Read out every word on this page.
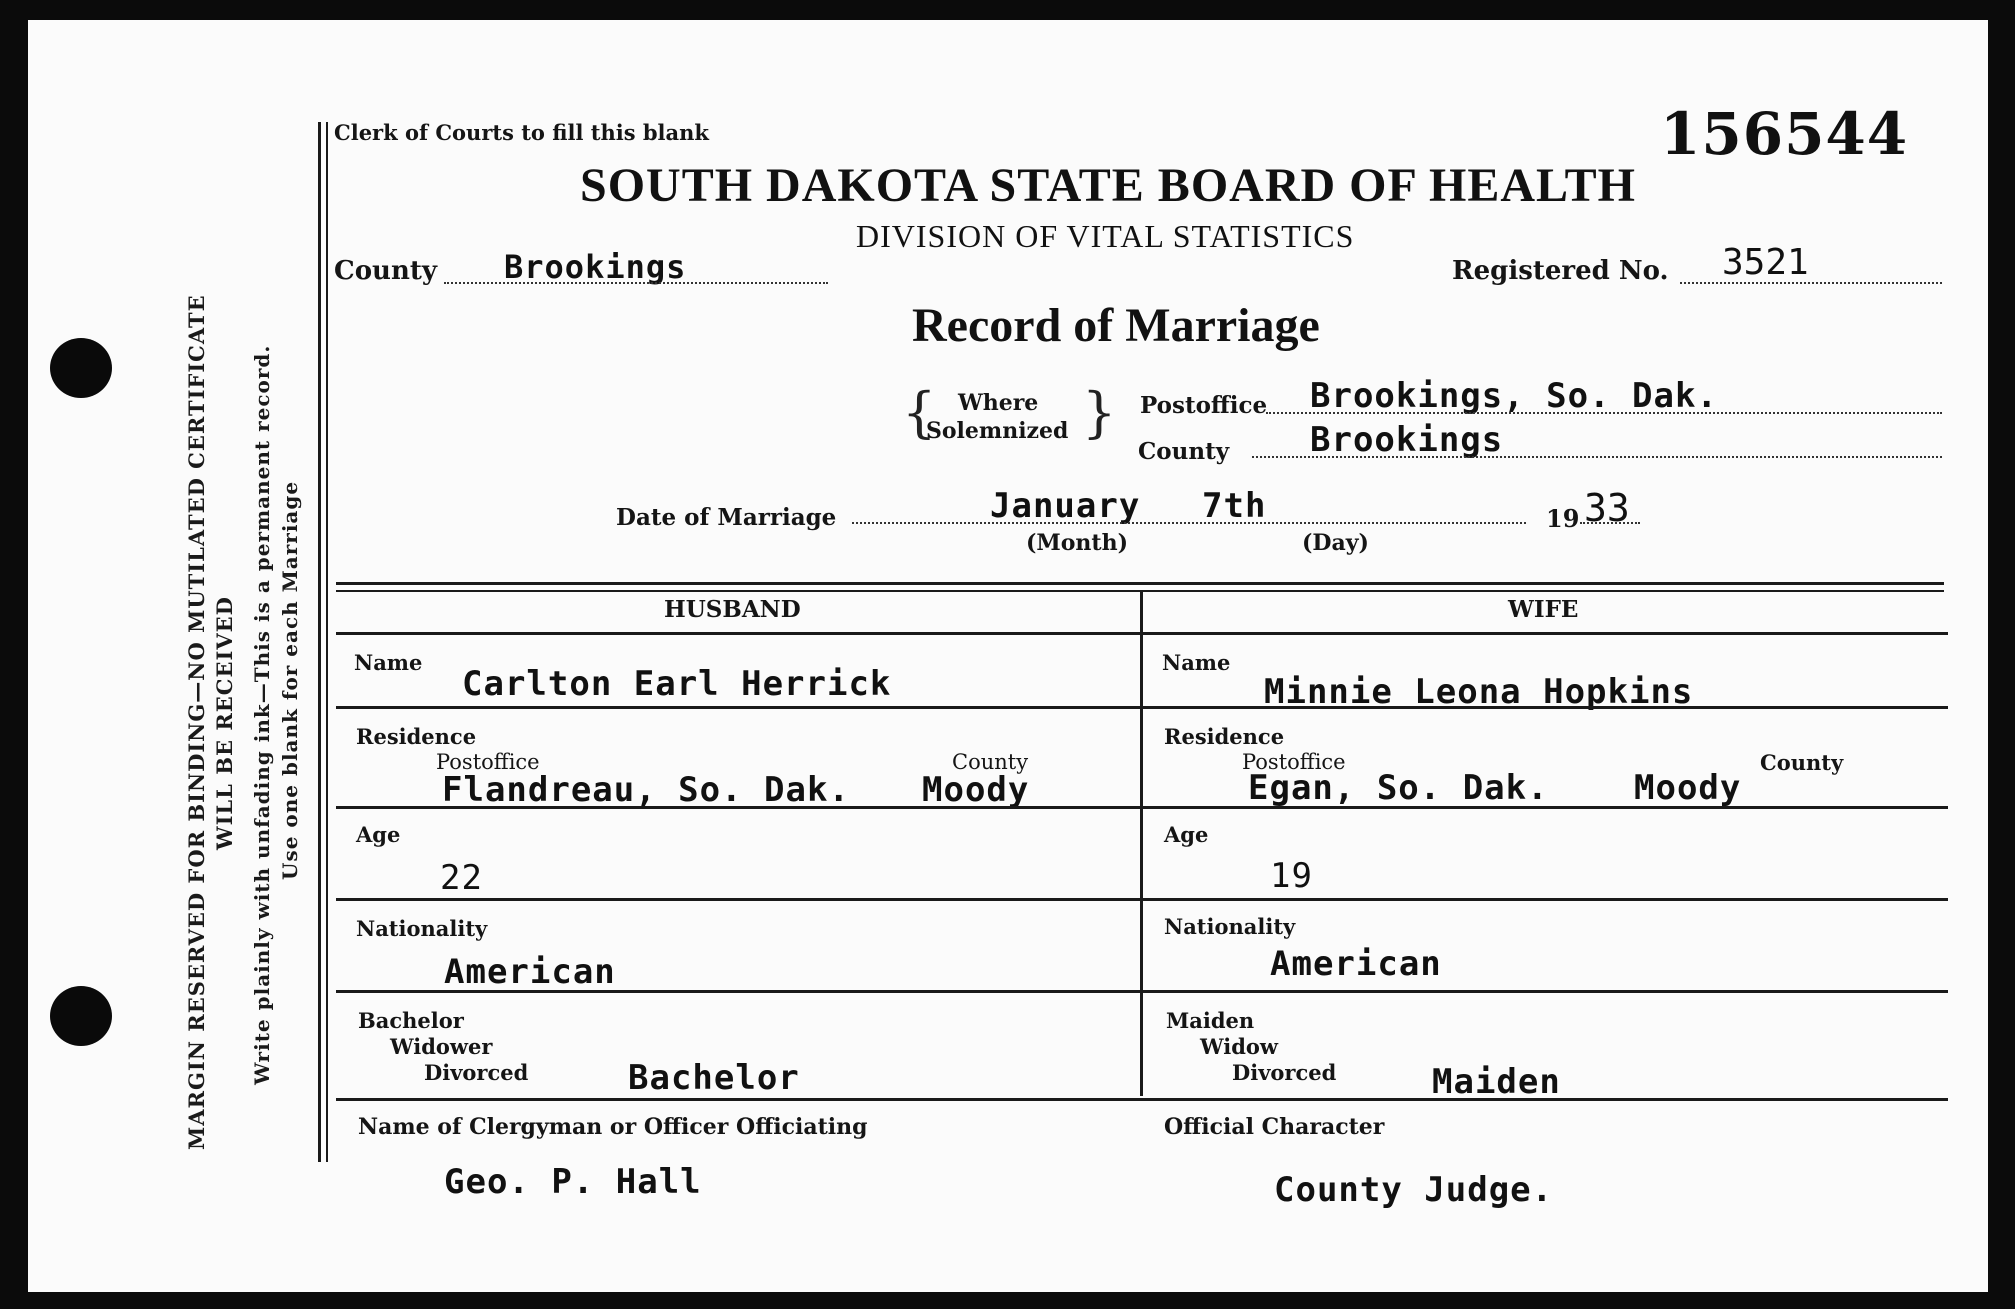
MARGIN RESERVED FOR BINDING—NO MUTILATED CERTIFICATE WILL BE RECEIVED Write plainly with unfading ink—This is a permanent record. Use one blank for each Marriage
Clerk of Courts to fill this blank	156544
SOUTH DAKOTA STATE BOARD OF HEALTH
DIVISION OF VITAL STATISTICS
County Brookings	Registered No. 3521
Record of Marriage
{ Where
Solemnized } Postoffice Brookings, So. Dak.
County Brookings
Date of Marriage	January 7th	19 33
(Month)	(Day)
HUSBAND	WIFE
Name
Carlton Earl Herrick
Name
Minnie Leona Hopkins
Residence
Postoffice	County
Flandreau, So. Dak. Moody
Residence
Postoffice	County
Egan, So. Dak.	Moody
Age
22
Age
19
Nationality
American
Nationality
American
Bachelor
Widower
Divorced	Bachelor
Maiden
Widow
Divorced	Maiden
Name of Clergyman or Officer Officiating
Geo. P. Hall
Official Character
County Judge.
